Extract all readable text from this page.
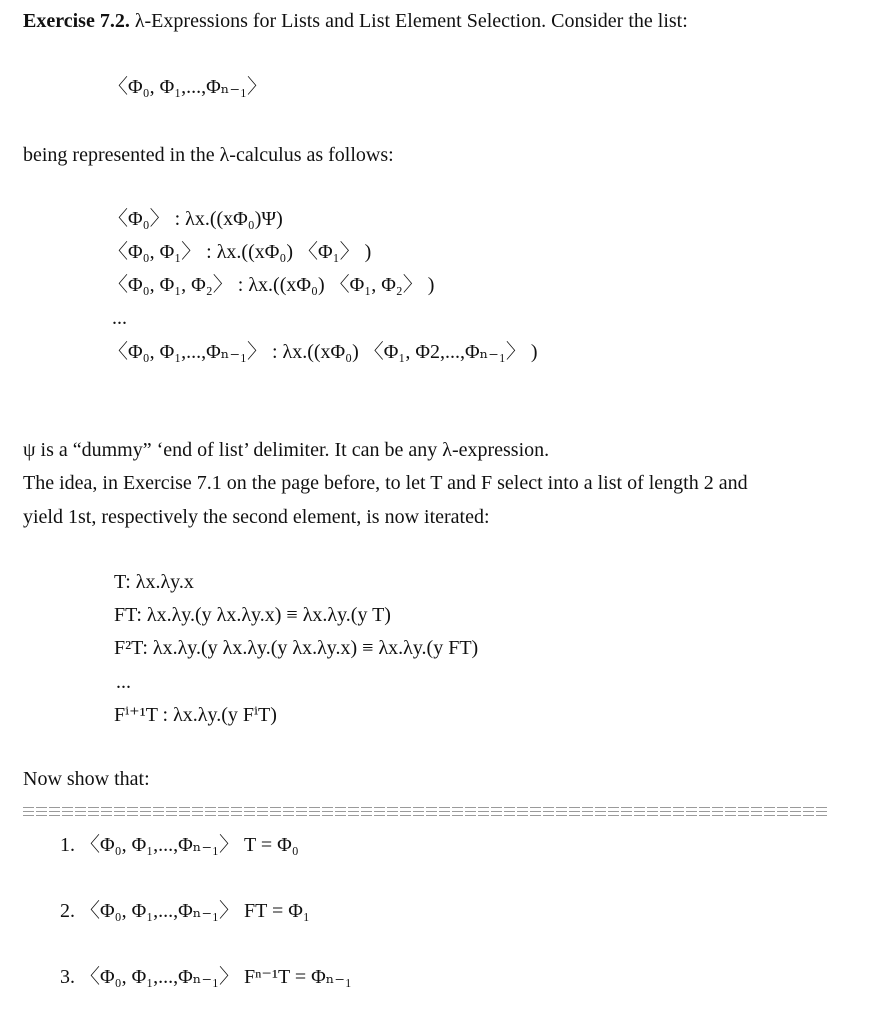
Exercise 7.2. λ-Expressions for Lists and List Element Selection. Consider the list:
〈Φ₀, Φ₁,...,Φₙ₋₁〉
being represented in the λ-calculus as follows:
〈Φ₀〉 : λx.((xΦ₀)Ψ)
〈Φ₀, Φ₁〉 : λx.((xΦ₀) 〈Φ₁〉 )
〈Φ₀, Φ₁, Φ₂〉 : λx.((xΦ₀) 〈Φ₁, Φ₂〉 )
...
〈Φ₀, Φ₁,...,Φₙ₋₁〉 : λx.((xΦ₀) 〈Φ₁, Φ2,...,Φₙ₋₁〉 )
ψ is a “dummy” ‘end of list’ delimiter. It can be any λ-expression.
The idea, in Exercise 7.1 on the page before, to let T and F select into a list of length 2 and
yield 1st, respectively the second element, is now iterated:
T: λx.λy.x
FT: λx.λy.(y λx.λy.x) ≡ λx.λy.(y T)
F²T: λx.λy.(y λx.λy.(y λx.λy.x) ≡ λx.λy.(y FT)
...
Fⁱ⁺¹T : λx.λy.(y FⁱT)
Now show that:
1. 〈Φ₀, Φ₁,...,Φₙ₋₁〉 T = Φ₀
2. 〈Φ₀, Φ₁,...,Φₙ₋₁〉 FT = Φ₁
3. 〈Φ₀, Φ₁,...,Φₙ₋₁〉 Fⁿ⁻¹T = Φₙ₋₁
